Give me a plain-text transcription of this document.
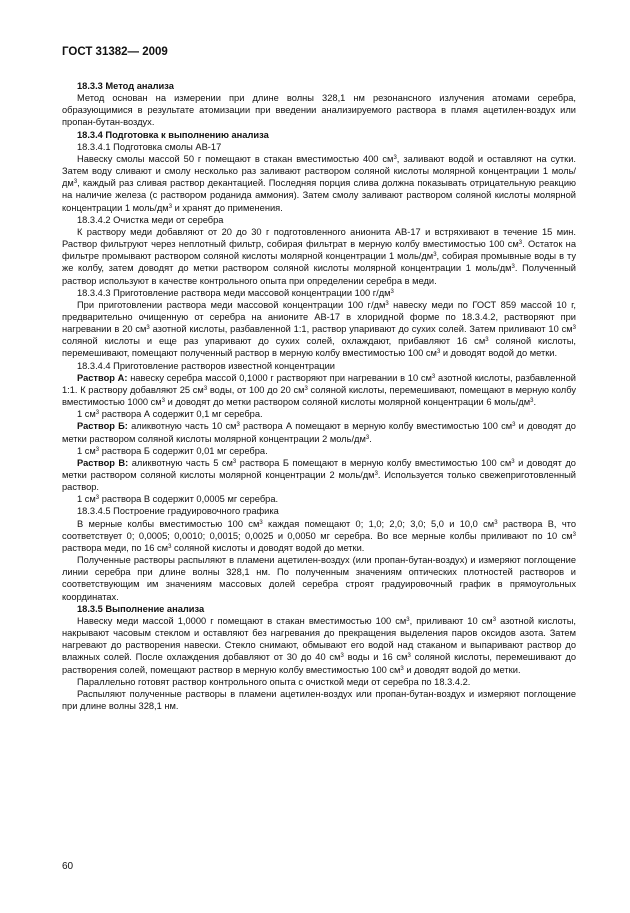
ГОСТ 31382— 2009

18.3.3 Метод анализа

Метод основан на измерении при длине волны 328,1 нм резонансного излучения атомами серебра, образующимися в результате атомизации при введении анализируемого раствора в пламя ацетилен-воздух или пропан-бутан-воздух.

18.3.4 Подготовка к выполнению анализа

18.3.4.1 Подготовка смолы АВ-17

Навеску смолы массой 50 г помещают в стакан вместимостью 400 $см^3$, заливают водой и оставляют на сутки. Затем воду сливают и смолу несколько раз заливают раствором соляной кислоты молярной концентрации 1 моль/$дм^3$, каждый раз сливая раствор декантацией. Последняя порция слива должна показывать отрицательную реакцию на наличие железа (с раствором роданида аммония). Затем смолу заливают раствором соляной кислоты молярной концентрации 1 моль/$дм^3$ и хранят до применения.

18.3.4.2 Очистка меди от серебра

К раствору меди добавляют от 20 до 30 г подготовленного анионита АВ-17 и встряхивают в течение 15 мин. Раствор фильтруют через неплотный фильтр, собирая фильтрат в мерную колбу вместимостью 100 $см^3$. Остаток на фильтре промывают раствором соляной кислоты молярной концентрации 1 моль/$дм^3$, собирая промывные воды в ту же колбу, затем доводят до метки раствором соляной кислоты молярной концентрации 1 моль/$дм^3$. Полученный раствор используют в качестве контрольного опыта при определении серебра в меди.

18.3.4.3 Приготовление раствора меди массовой концентрации 100 $г/дм^3$

При приготовлении раствора меди массовой концентрации 100 $г/дм^3$ навеску меди по ГОСТ 859 массой 10 г, предварительно очищенную от серебра на анионите АВ-17 в хлоридной форме по 18.3.4.2, растворяют при нагревании в 20 $см^3$ азотной кислоты, разбавленной 1:1, раствор упаривают до сухих солей. Затем приливают 10 $см^3$ соляной кислоты и еще раз упаривают до сухих солей, охлаждают, прибавляют 16 $см^3$ соляной кислоты, перемешивают, помещают полученный раствор в мерную колбу вместимостью 100 $см^3$ и доводят водой до метки.

18.3.4.4 Приготовление растворов известной концентрации

Раствор А: навеску серебра массой 0,1000 г растворяют при нагревании в 10 $см^3$ азотной кислоты, разбавленной 1:1. К раствору добавляют 25 $см^3$ воды, от 100 до 20 $см^3$ соляной кислоты, перемешивают, помещают в мерную колбу вместимостью 1000 $см^3$ и доводят до метки раствором соляной кислоты молярной концентрации 6 моль/$дм^3$.

1 $см^3$ раствора А содержит 0,1 мг серебра.

Раствор Б: аликвотную часть 10 $см^3$ раствора А помещают в мерную колбу вместимостью 100 $см^3$ и доводят до метки раствором соляной кислоты молярной концентрации 2 моль/$дм^3$.

1 $см^3$ раствора Б содержит 0,01 мг серебра.

Раствор В: аликвотную часть 5 $см^3$ раствора Б помещают в мерную колбу вместимостью 100 $см^3$ и доводят до метки раствором соляной кислоты молярной концентрации 2 моль/$дм^3$. Используется только свежеприготовленный раствор.

1 $см^3$ раствора В содержит 0,0005 мг серебра.

18.3.4.5 Построение градуировочного графика

В мерные колбы вместимостью 100 $см^3$ каждая помещают 0; 1,0; 2,0; 3,0; 5,0 и 10,0 $см^3$ раствора В, что соответствует 0; 0,0005; 0,0010; 0,0015; 0,0025 и 0,0050 мг серебра. Во все мерные колбы приливают по 10 $см^3$ раствора меди, по 16 $см^3$ соляной кислоты и доводят водой до метки.

Полученные растворы распыляют в пламени ацетилен-воздух (или пропан-бутан-воздух) и измеряют поглощение линии серебра при длине волны 328,1 нм. По полученным значениям оптических плотностей растворов и соответствующим им значениям массовых долей серебра строят градуировочный график в прямоугольных координатах.

18.3.5 Выполнение анализа

Навеску меди массой 1,0000 г помещают в стакан вместимостью 100 $см^3$, приливают 10 $см^3$ азотной кислоты, накрывают часовым стеклом и оставляют без нагревания до прекращения выделения паров оксидов азота. Затем нагревают до растворения навески. Стекло снимают, обмывают его водой над стаканом и выпаривают раствор до влажных солей. После охлаждения добавляют от 30 до 40 $см^3$ воды и 16 $см^3$ соляной кислоты, перемешивают до растворения солей, помещают раствор в мерную колбу вместимостью 100 $см^3$ и доводят водой до метки.

Параллельно готовят раствор контрольного опыта с очисткой меди от серебра по 18.3.4.2.

Распыляют полученные растворы в пламени ацетилен-воздух или пропан-бутан-воздух и измеряют поглощение при длине волны 328,1 нм.

60
